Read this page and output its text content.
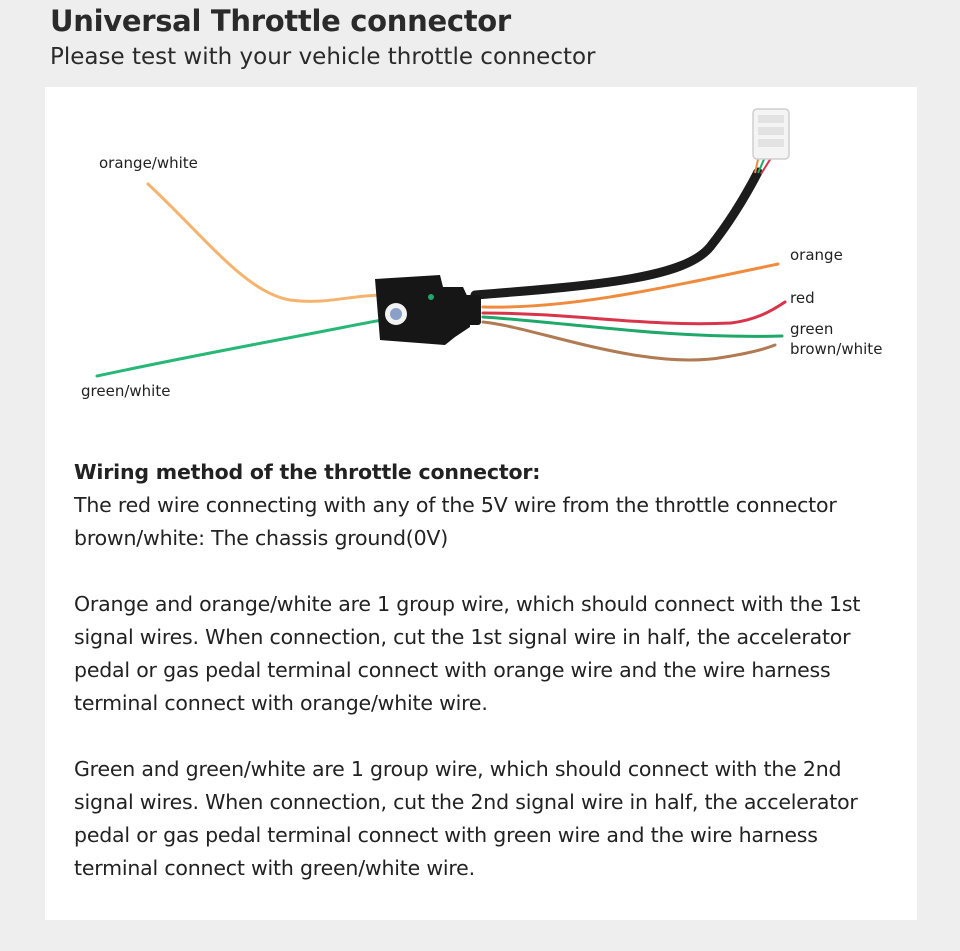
Universal Throttle connector
Please test with your vehicle throttle connector
orange/white
green/white
orange
red
green
brown/white

Wiring method of the throttle connector:

The red wire connecting with any of the 5V wire from the throttle connector

brown/white: The chassis ground(0V)

Orange and orange/white are 1 group wire, which should connect with the 1st

signal wires. When connection, cut the 1st signal wire in half, the accelerator

pedal or gas pedal terminal connect with orange wire and the wire harness

terminal connect with orange/white wire.

Green and green/white are 1 group wire, which should connect with the 2nd

signal wires. When connection, cut the 2nd signal wire in half, the accelerator

pedal or gas pedal terminal connect with green wire and the wire harness

terminal connect with green/white wire.
